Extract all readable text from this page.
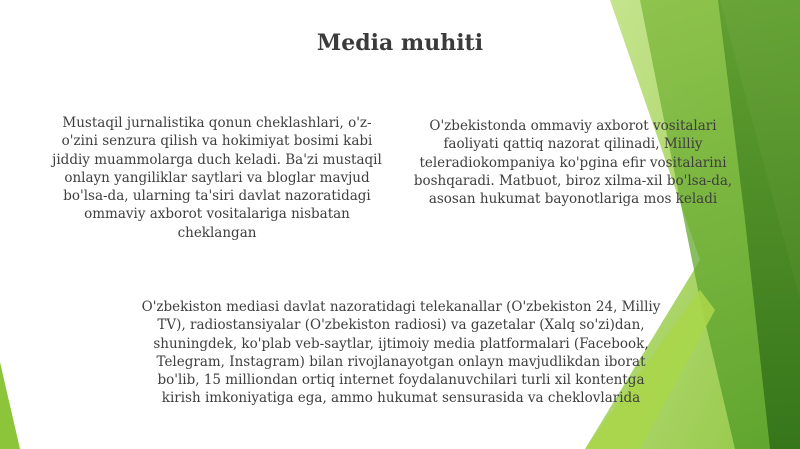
Media muhiti

Mustaqil jurnalistika qonun cheklashlari, o'z-o'zini senzura qilish va hokimiyat bosimi kabi jiddiy muammolarga duch keladi. Ba'zi mustaqil onlayn yangiliklar saytlari va bloglar mavjud bo'lsa-da, ularning ta'siri davlat nazoratidagi ommaviy axborot vositalariga nisbatan cheklangan

O'zbekistonda ommaviy axborot vositalari faoliyati qattiq nazorat qilinadi, Milliy teleradiokompaniya ko'pgina efir vositalarini boshqaradi. Matbuot, biroz xilma-xil bo'lsa-da, asosan hukumat bayonotlariga mos keladi

O'zbekiston mediasi davlat nazoratidagi telekanallar (O'zbekiston 24, Milliy TV), radiostansiyalar (O'zbekiston radiosi) va gazetalar (Xalq so'zi)dan, shuningdek, ko'plab veb-saytlar, ijtimoiy media platformalari (Facebook, Telegram, Instagram) bilan rivojlanayotgan onlayn mavjudlikdan iborat bo'lib, 15 milliondan ortiq internet foydalanuvchilari turli xil kontentga kirish imkoniyatiga ega, ammo hukumat sensurasida va cheklovlarida
